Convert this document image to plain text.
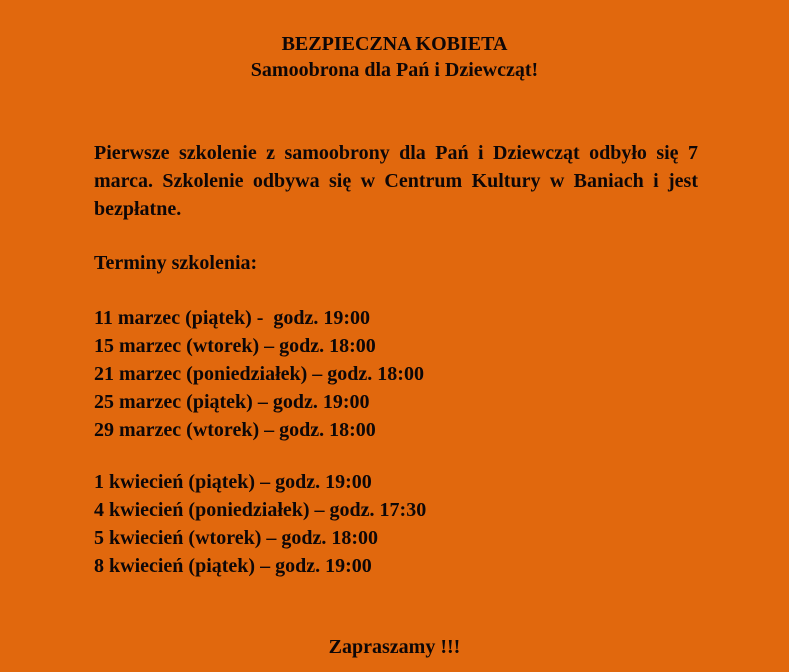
BEZPIECZNA KOBIETA
Samoobrona dla Pań i Dziewcząt!
Pierwsze szkolenie z samoobrony dla Pań i Dziewcząt odbyło się 7 marca. Szkolenie odbywa się w Centrum Kultury w Baniach i jest bezpłatne.
Terminy szkolenia:
11 marzec (piątek) -  godz. 19:00
15 marzec (wtorek) – godz. 18:00
21 marzec (poniedziałek) – godz. 18:00
25 marzec (piątek) – godz. 19:00
29 marzec (wtorek) – godz. 18:00
1 kwiecień (piątek) – godz. 19:00
4 kwiecień (poniedziałek) – godz. 17:30
5 kwiecień (wtorek) – godz. 18:00
8 kwiecień (piątek) – godz. 19:00
Zapraszamy !!!
